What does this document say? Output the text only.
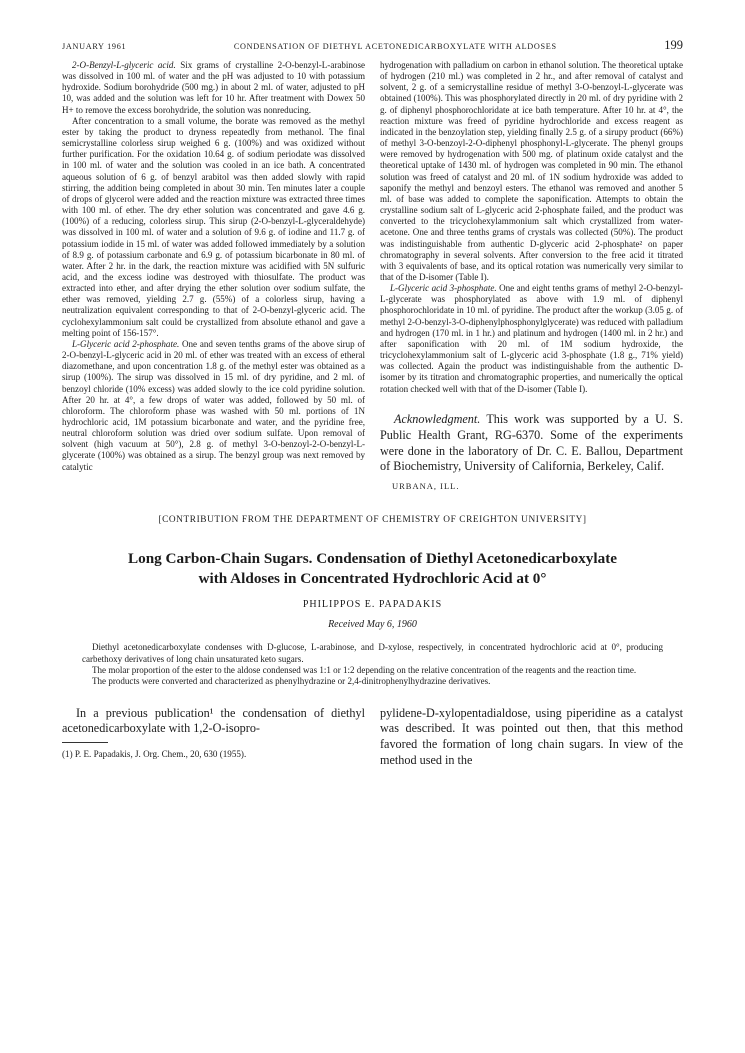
JANUARY 1961	CONDENSATION OF DIETHYL ACETONEDICARBOXYLATE WITH ALDOSES	199

2-O-Benzyl-L-glyceric acid. Six grams of crystalline 2-O-benzyl-L-arabinose was dissolved in 100 ml. of water and the pH was adjusted to 10 with potassium hydroxide. Sodium borohydride (500 mg.) in about 2 ml. of water, adjusted to pH 10, was added and the solution was left for 10 hr. After treatment with Dowex 50 H+ to remove the excess borohydride, the solution was nonreducing.

After concentration to a small volume, the borate was removed as the methyl ester by taking the product to dryness repeatedly from methanol. The final semicrystalline colorless sirup weighed 6 g. (100%) and was oxidized without further purification. For the oxidation 10.64 g. of sodium periodate was dissolved in 100 ml. of water and the solution was cooled in an ice bath. A concentrated aqueous solution of 6 g. of benzyl arabitol was then added slowly with rapid stirring, the addition being completed in about 30 min. Ten minutes later a couple of drops of glycerol were added and the reaction mixture was extracted three times with 100 ml. of ether. The dry ether solution was concentrated and gave 4.6 g. (100%) of a reducing, colorless sirup. This sirup (2-O-benzyl-L-glyceraldehyde) was dissolved in 100 ml. of water and a solution of 9.6 g. of iodine and 11.7 g. of potassium iodide in 15 ml. of water was added followed immediately by a solution of 8.9 g. of potassium carbonate and 6.9 g. of potassium bicarbonate in 80 ml. of water. After 2 hr. in the dark, the reaction mixture was acidified with 5N sulfuric acid, and the excess iodine was destroyed with thiosulfate. The product was extracted into ether, and after drying the ether solution over sodium sulfate, the ether was removed, yielding 2.7 g. (55%) of a colorless sirup, having a neutralization equivalent corresponding to that of 2-O-benzyl-glyceric acid. The cyclohexylammonium salt could be crystallized from absolute ethanol and gave a melting point of 156-157°.

L-Glyceric acid 2-phosphate. One and seven tenths grams of the above sirup of 2-O-benzyl-L-glyceric acid in 20 ml. of ether was treated with an excess of etheral diazomethane, and upon concentration 1.8 g. of the methyl ester was obtained as a sirup (100%). The sirup was dissolved in 15 ml. of dry pyridine, and 2 ml. of benzoyl chloride (10% excess) was added slowly to the ice cold pyridine solution. After 20 hr. at 4°, a few drops of water was added, followed by 50 ml. of chloroform. The chloroform phase was washed with 50 ml. portions of 1N hydrochloric acid, 1M potassium bicarbonate and water, and the pyridine free, neutral chloroform solution was dried over sodium sulfate. Upon removal of solvent (high vacuum at 50°), 2.8 g. of methyl 3-O-benzoyl-2-O-benzyl-L-glycerate (100%) was obtained as a sirup. The benzyl group was next removed by catalytic

hydrogenation with palladium on carbon in ethanol solution. The theoretical uptake of hydrogen (210 ml.) was completed in 2 hr., and after removal of catalyst and solvent, 2 g. of a semicrystalline residue of methyl 3-O-benzoyl-L-glycerate was obtained (100%). This was phosphorylated directly in 20 ml. of dry pyridine with 2 g. of diphenyl phosphorochloridate at ice bath temperature. After 10 hr. at 4°, the reaction mixture was freed of pyridine hydrochloride and excess reagent as indicated in the benzoylation step, yielding finally 2.5 g. of a sirupy product (66%) of methyl 3-O-benzoyl-2-O-diphenyl phosphonyl-L-glycerate. The phenyl groups were removed by hydrogenation with 500 mg. of platinum oxide catalyst and the theoretical uptake of 1430 ml. of hydrogen was completed in 90 min. The ethanol solution was freed of catalyst and 20 ml. of 1N sodium hydroxide was added to saponify the methyl and benzoyl esters. The ethanol was removed and another 5 ml. of base was added to complete the saponification. Attempts to obtain the crystalline sodium salt of L-glyceric acid 2-phosphate failed, and the product was converted to the tricyclohexylammonium salt which crystallized from water-acetone. One and three tenths grams of crystals was collected (50%). The product was indistinguishable from authentic D-glyceric acid 2-phosphate² on paper chromatography in several solvents. After conversion to the free acid it titrated with 3 equivalents of base, and its optical rotation was numerically very similar to that of the D-isomer (Table I).

L-Glyceric acid 3-phosphate. One and eight tenths grams of methyl 2-O-benzyl-L-glycerate was phosphorylated as above with 1.9 ml. of diphenyl phosphorochloridate in 10 ml. of pyridine. The product after the workup (3.05 g. of methyl 2-O-benzyl-3-O-diphenylphosphonylglycerate) was reduced with palladium and hydrogen (170 ml. in 1 hr.) and platinum and hydrogen (1400 ml. in 2 hr.) and after saponification with 20 ml. of 1M sodium hydroxide, the tricyclohexylammonium salt of L-glyceric acid 3-phosphate (1.8 g., 71% yield) was collected. Again the product was indistinguishable from the authentic D-isomer by its titration and chromatographic properties, and numerically the optical rotation checked well with that of the D-isomer (Table I).

Acknowledgment. This work was supported by a U. S. Public Health Grant, RG-6370. Some of the experiments were done in the laboratory of Dr. C. E. Ballou, Department of Biochemistry, University of California, Berkeley, Calif.

URBANA, ILL.
[CONTRIBUTION FROM THE DEPARTMENT OF CHEMISTRY OF CREIGHTON UNIVERSITY]
Long Carbon-Chain Sugars. Condensation of Diethyl Acetonedicarboxylate
with Aldoses in Concentrated Hydrochloric Acid at 0°
PHILIPPOS E. PAPADAKIS
Received May 6, 1960

Diethyl acetonedicarboxylate condenses with D-glucose, L-arabinose, and D-xylose, respectively, in concentrated hydrochloric acid at 0°, producing carbethoxy derivatives of long chain unsaturated keto sugars.

The molar proportion of the ester to the aldose condensed was 1:1 or 1:2 depending on the relative concentration of the reagents and the reaction time.

The products were converted and characterized as phenylhydrazine or 2,4-dinitrophenylhydrazine derivatives.

In a previous publication¹ the condensation of diethyl acetonedicarboxylate with 1,2-O-isopro-

(1) P. E. Papadakis, J. Org. Chem., 20, 630 (1955).

pylidene-D-xylopentadialdose, using piperidine as a catalyst was described. It was pointed out then, that this method favored the formation of long chain sugars. In view of the method used in the
